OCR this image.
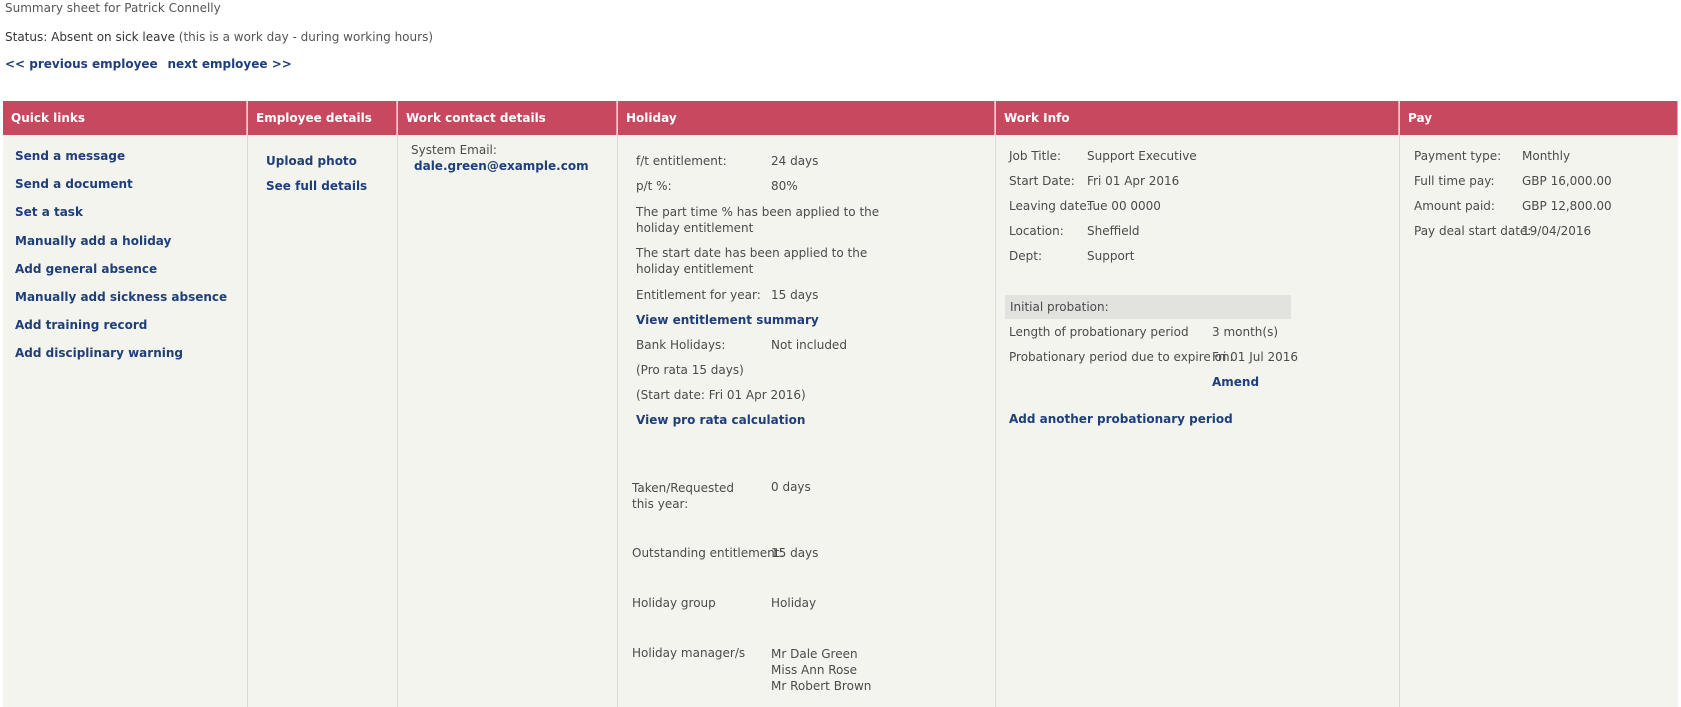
Summary sheet for Patrick Connelly
Status: Absent on sick leave (this is a work day - during working hours)
<< previous employee next employee >>
Quick links
Send a message
Send a document
Set a task
Manually add a holiday
Add general absence
Manually add sickness absence
Add training record
Add disciplinary warning
Employee details
Upload photo
See full details
Work contact details
System Email:
dale.green@example.com
Holiday
f/t entitlement:	24 days
p/t %:	80%
The part time % has been applied to the holiday entitlement
The start date has been applied to the holiday entitlement
Entitlement for year: 15 days
View entitlement summary
Bank Holidays:	Not included
(Pro rata 15 days)
(Start date: Fri 01 Apr 2016)
View pro rata calculation
Taken/Requested this year:
0 days
Outstanding entitlement:
15 days
Holiday group	Holiday
Holiday manager/s Mr Dale Green
Miss Ann Rose
Mr Robert Brown
Work Info
Job Title: Support Executive
Start Date: Fri 01 Apr 2016
Leaving date:
Tue 00 0000
Location: Sheffield
Dept:	Support
Initial probation:
Length of probationary period 3 month(s)
Probationary period due to expire on:
Fri 01 Jul 2016
Amend
Add another probationary period
Pay
Payment type: Monthly
Full time pay: GBP 16,000.00
Amount paid: GBP 12,800.00
Pay deal start date:
19/04/2016
